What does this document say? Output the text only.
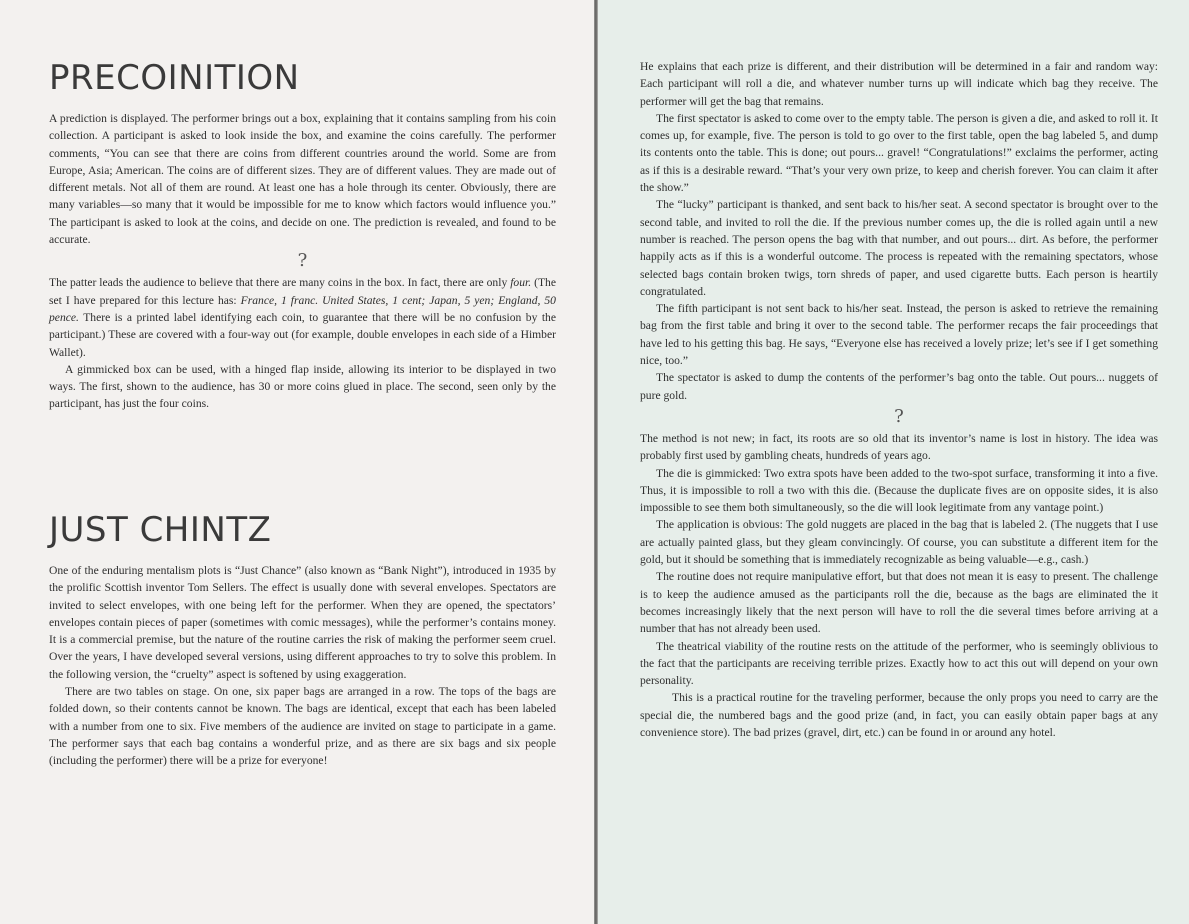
PRECOINITION

A prediction is displayed. The performer brings out a box, explaining that it contains sampling from his coin collection. A participant is asked to look inside the box, and examine the coins carefully. The performer comments, “You can see that there are coins from different countries around the world. Some are from Europe, Asia; American. The coins are of different sizes. They are of different values. They are made out of different metals. Not all of them are round. At least one has a hole through its center. Obviously, there are many variables—so many that it would be impossible for me to know which factors would influence you.” The participant is asked to look at the coins, and decide on one. The prediction is revealed, and found to be accurate.

?

The patter leads the audience to believe that there are many coins in the box. In fact, there are only four. (The set I have prepared for this lecture has: France, 1 franc. United States, 1 cent; Japan, 5 yen; England, 50 pence. There is a printed label identifying each coin, to guarantee that there will be no confusion by the participant.) These are covered with a four-way out (for example, double envelopes in each side of a Himber Wallet).

A gimmicked box can be used, with a hinged flap inside, allowing its interior to be displayed in two ways. The first, shown to the audience, has 30 or more coins glued in place. The second, seen only by the participant, has just the four coins.

JUST CHINTZ

One of the enduring mentalism plots is “Just Chance” (also known as “Bank Night”), introduced in 1935 by the prolific Scottish inventor Tom Sellers. The effect is usually done with several envelopes. Spectators are invited to select envelopes, with one being left for the performer. When they are opened, the spectators’ envelopes contain pieces of paper (sometimes with comic messages), while the performer’s contains money. It is a commercial premise, but the nature of the routine carries the risk of making the performer seem cruel. Over the years, I have developed several versions, using different approaches to try to solve this problem. In the following version, the “cruelty” aspect is softened by using exaggeration.

There are two tables on stage. On one, six paper bags are arranged in a row. The tops of the bags are folded down, so their contents cannot be known. The bags are identical, except that each has been labeled with a number from one to six. Five members of the audience are invited on stage to participate in a game. The performer says that each bag contains a wonderful prize, and as there are six bags and six people (including the performer) there will be a prize for everyone!

He explains that each prize is different, and their distribution will be determined in a fair and random way: Each participant will roll a die, and whatever number turns up will indicate which bag they receive. The performer will get the bag that remains.

The first spectator is asked to come over to the empty table. The person is given a die, and asked to roll it. It comes up, for example, five. The person is told to go over to the first table, open the bag labeled 5, and dump its contents onto the table. This is done; out pours... gravel! “Congratulations!” exclaims the performer, acting as if this is a desirable reward. “That’s your very own prize, to keep and cherish forever. You can claim it after the show.”

The “lucky” participant is thanked, and sent back to his/her seat. A second spectator is brought over to the second table, and invited to roll the die. If the previous number comes up, the die is rolled again until a new number is reached. The person opens the bag with that number, and out pours... dirt. As before, the performer happily acts as if this is a wonderful outcome. The process is repeated with the remaining spectators, whose selected bags contain broken twigs, torn shreds of paper, and used cigarette butts. Each person is heartily congratulated.

The fifth participant is not sent back to his/her seat. Instead, the person is asked to retrieve the remaining bag from the first table and bring it over to the second table. The performer recaps the fair proceedings that have led to his getting this bag. He says, “Everyone else has received a lovely prize; let’s see if I get something nice, too.”

The spectator is asked to dump the contents of the performer’s bag onto the table. Out pours... nuggets of pure gold.

?

The method is not new; in fact, its roots are so old that its inventor’s name is lost in history. The idea was probably first used by gambling cheats, hundreds of years ago.

The die is gimmicked: Two extra spots have been added to the two-spot surface, transforming it into a five. Thus, it is impossible to roll a two with this die. (Because the duplicate fives are on opposite sides, it is also impossible to see them both simultaneously, so the die will look legitimate from any vantage point.)

The application is obvious: The gold nuggets are placed in the bag that is labeled 2. (The nuggets that I use are actually painted glass, but they gleam convincingly. Of course, you can substitute a different item for the gold, but it should be something that is immediately recognizable as being valuable—e.g., cash.)

The routine does not require manipulative effort, but that does not mean it is easy to present. The challenge is to keep the audience amused as the participants roll the die, because as the bags are eliminated the it becomes increasingly likely that the next person will have to roll the die several times before arriving at a number that has not already been used.

The theatrical viability of the routine rests on the attitude of the performer, who is seemingly oblivious to the fact that the participants are receiving terrible prizes. Exactly how to act this out will depend on your own personality.

This is a practical routine for the traveling performer, because the only props you need to carry are the special die, the numbered bags and the good prize (and, in fact, you can easily obtain paper bags at any convenience store). The bad prizes (gravel, dirt, etc.) can be found in or around any hotel.
